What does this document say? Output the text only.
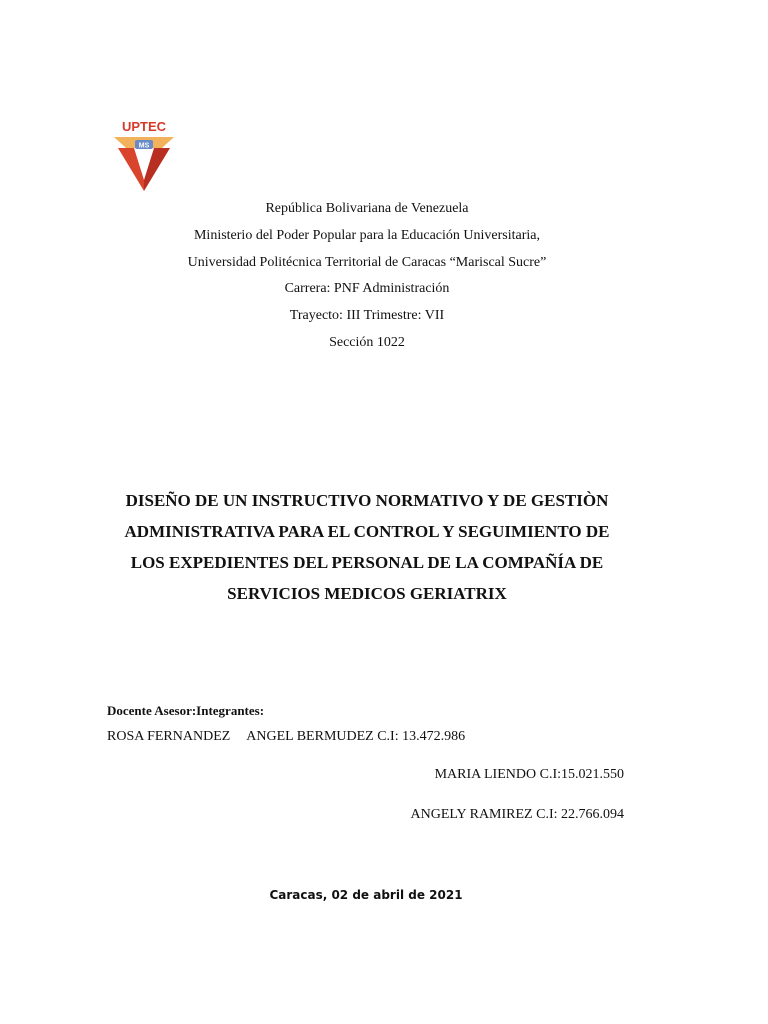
UPTEC
MS
República Bolivariana de Venezuela
Ministerio del Poder Popular para la Educación Universitaria,
Universidad Politécnica Territorial de Caracas “Mariscal Sucre”
Carrera: PNF Administración
Trayecto: III Trimestre: VII
Sección 1022
DISEÑO DE UN INSTRUCTIVO NORMATIVO Y DE GESTIÒN
ADMINISTRATIVA PARA EL CONTROL Y SEGUIMIENTO DE
LOS EXPEDIENTES DEL PERSONAL DE LA COMPAÑÍA DE
SERVICIOS MEDICOS GERIATRIX
Docente Asesor:Integrantes:
ROSA FERNANDEZ ANGEL BERMUDEZ C.I: 13.472.986
MARIA LIENDO C.I:15.021.550
ANGELY RAMIREZ C.I: 22.766.094
Caracas, 02 de abril de 2021
